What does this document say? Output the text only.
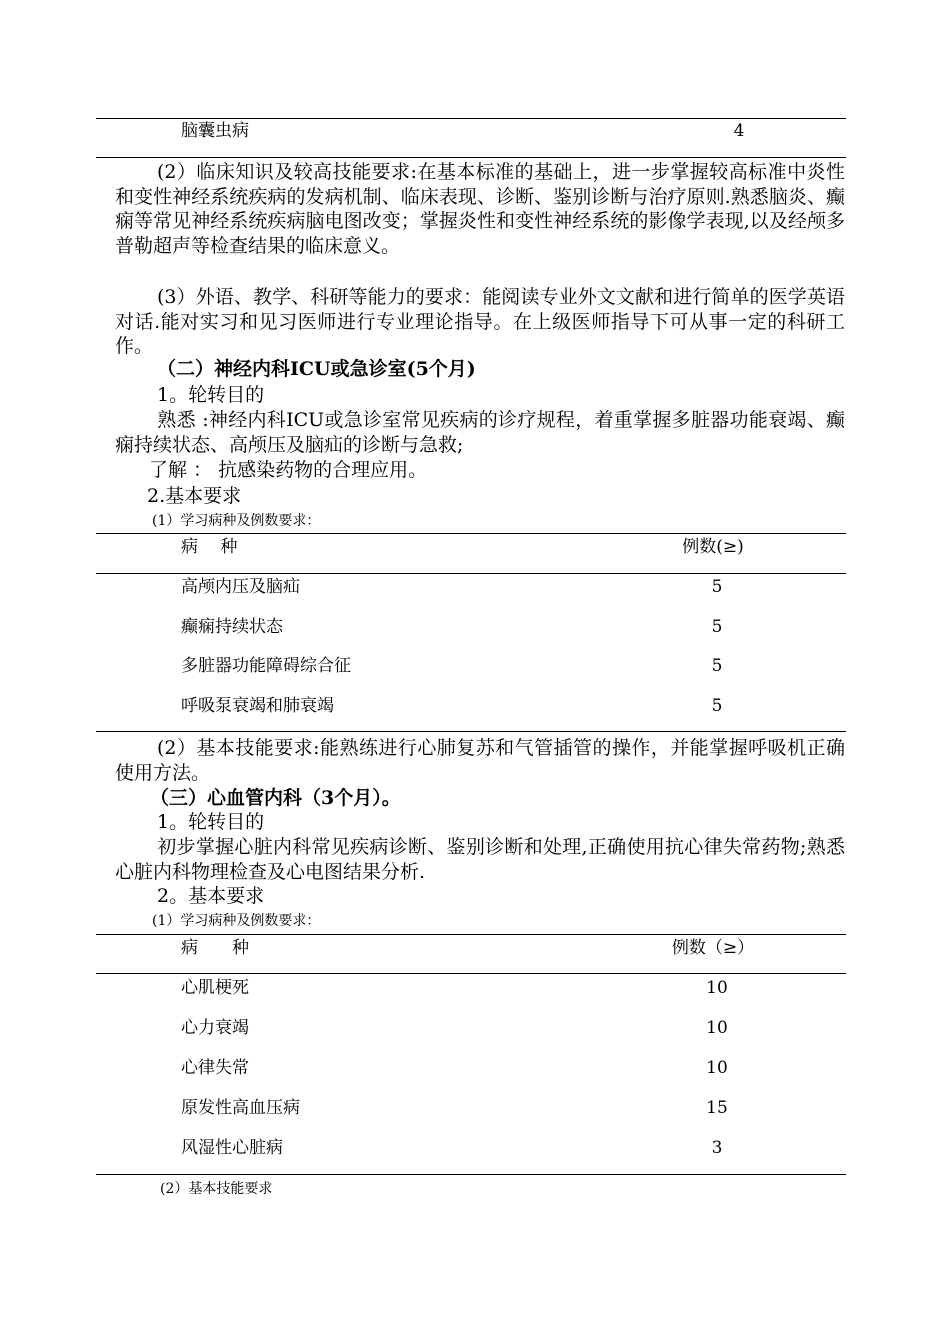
脑囊虫病	4
(2）临床知识及较高技能要求:在基本标准的基础上，进一步掌握较高标准中炎性和变性神经系统疾病的发病机制、临床表现、诊断、鉴别诊断与治疗原则.熟悉脑炎、癫痫等常见神经系统疾病脑电图改变；掌握炎性和变性神经系统的影像学表现,以及经颅多普勒超声等检查结果的临床意义。
(3）外语、教学、科研等能力的要求：能阅读专业外文文献和进行简单的医学英语对话.能对实习和见习医师进行专业理论指导。在上级医师指导下可从事一定的科研工作。
（二）神经内科ICU或急诊室(5个月)
1。轮转目的
熟悉 :神经内科ICU或急诊室常见疾病的诊疗规程，着重掌握多脏器功能衰竭、癫痫持续状态、高颅压及脑疝的诊断与急救;
了解 ： 抗感染药物的合理应用。
2.基本要求
(1）学习病种及例数要求：
病　 种	例数(≥)
高颅内压及脑疝	5
癫痫持续状态	5
多脏器功能障碍综合征	5
呼吸泵衰竭和肺衰竭	5
(2）基本技能要求:能熟练进行心肺复苏和气管插管的操作，并能掌握呼吸机正确使用方法。
（三）心血管内科（3个月）。
1。轮转目的
初步掌握心脏内科常见疾病诊断、鉴别诊断和处理,正确使用抗心律失常药物;熟悉心脏内科物理检查及心电图结果分析.
2。基本要求
(1）学习病种及例数要求：
病　　种	例数（≥）
心肌梗死	10
心力衰竭	10
心律失常	10
原发性高血压病	15
风湿性心脏病	3
(2）基本技能要求
